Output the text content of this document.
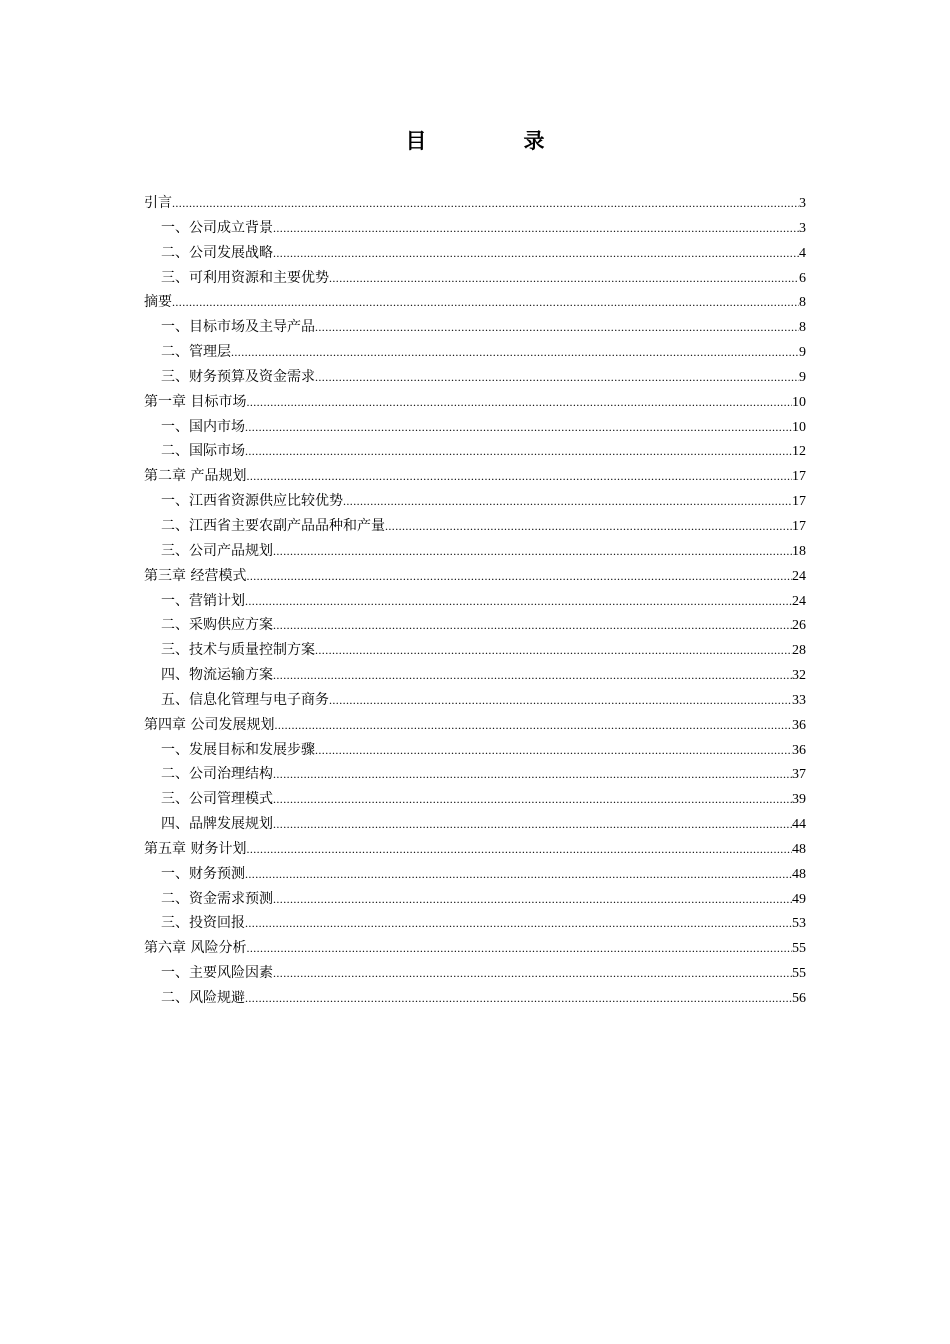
目　录
引言 .....	3
一、公司成立背景 .....	3
二、公司发展战略 .....	4
三、可利用资源和主要优势 .....	6
摘要 .....	8
一、目标市场及主导产品 .....	8
二、管理层 .....	9
三、财务预算及资金需求 .....	9
第一章 目标市场 .....	10
一、国内市场 .....	10
二、国际市场 .....	12
第二章 产品规划 .....	17
一、江西省资源供应比较优势 .....	17
二、江西省主要农副产品品种和产量 .....	17
三、公司产品规划 .....	18
第三章 经营模式 .....	24
一、营销计划 .....	24
二、采购供应方案 .....	26
三、技术与质量控制方案 .....	28
四、物流运输方案 .....	32
五、信息化管理与电子商务 .....	33
第四章 公司发展规划 .....	36
一、发展目标和发展步骤 .....	36
二、公司治理结构 .....	37
三、公司管理模式 .....	39
四、品牌发展规划 .....	44
第五章 财务计划 .....	48
一、财务预测 .....	48
二、资金需求预测 .....	49
三、投资回报 .....	53
第六章 风险分析 .....	55
一、主要风险因素 .....	55
二、风险规避 .....	56
